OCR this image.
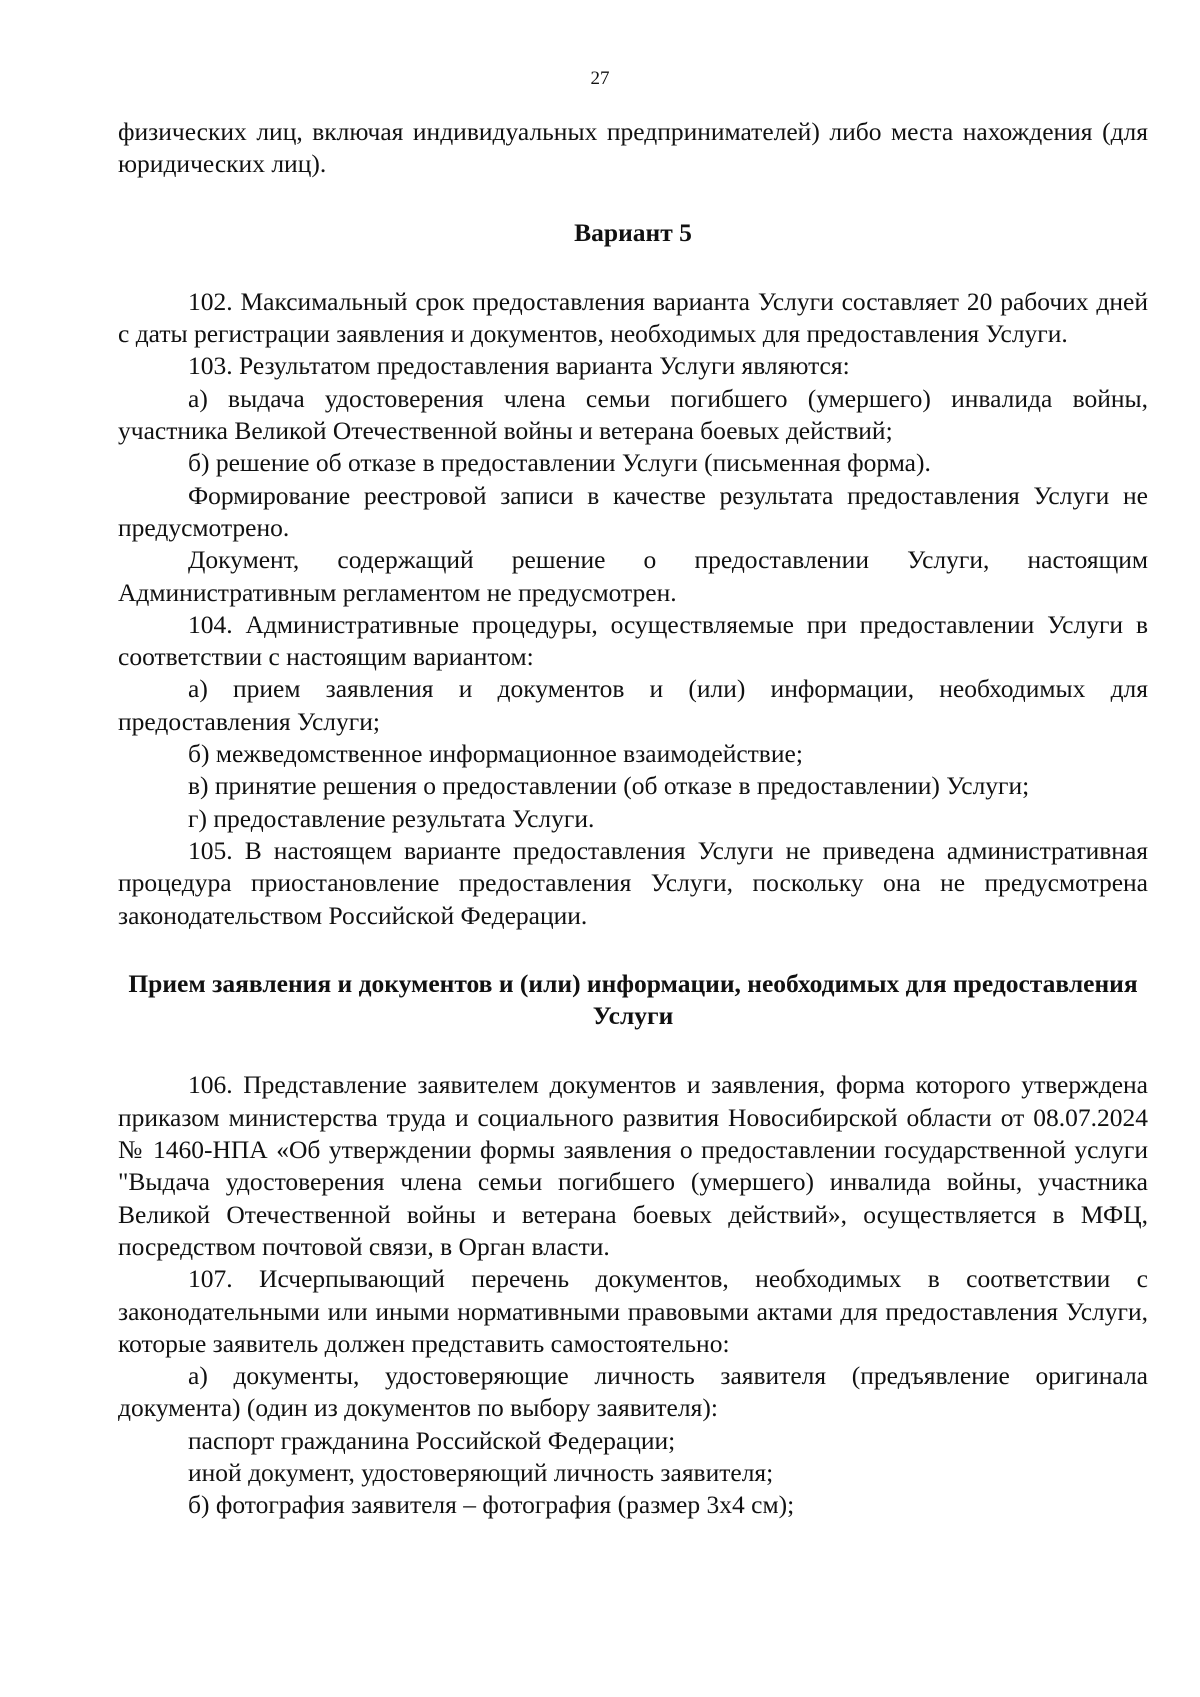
27

физических лиц, включая индивидуальных предпринимателей) либо места нахождения (для юридических лиц).

Вариант 5

102. Максимальный срок предоставления варианта Услуги составляет 20 рабочих дней с даты регистрации заявления и документов, необходимых для предоставления Услуги.

103. Результатом предоставления варианта Услуги являются:

а) выдача удостоверения члена семьи погибшего (умершего) инвалида войны, участника Великой Отечественной войны и ветерана боевых действий;

б) решение об отказе в предоставлении Услуги (письменная форма).

Формирование реестровой записи в качестве результата предоставления Услуги не предусмотрено.

Документ, содержащий решение о предоставлении Услуги, настоящим Административным регламентом не предусмотрен.

104. Административные процедуры, осуществляемые при предоставлении Услуги в соответствии с настоящим вариантом:

а) прием заявления и документов и (или) информации, необходимых для предоставления Услуги;

б) межведомственное информационное взаимодействие;

в) принятие решения о предоставлении (об отказе в предоставлении) Услуги;

г) предоставление результата Услуги.

105. В настоящем варианте предоставления Услуги не приведена административная процедура приостановление предоставления Услуги, поскольку она не предусмотрена законодательством Российской Федерации.

Прием заявления и документов и (или) информации, необходимых для предоставления Услуги

106. Представление заявителем документов и заявления, форма которого утверждена приказом министерства труда и социального развития Новосибирской области от 08.07.2024 № 1460-НПА «Об утверждении формы заявления о предоставлении государственной услуги "Выдача удостоверения члена семьи погибшего (умершего) инвалида войны, участника Великой Отечественной войны и ветерана боевых действий», осуществляется в МФЦ, посредством почтовой связи, в Орган власти.

107. Исчерпывающий перечень документов, необходимых в соответствии с законодательными или иными нормативными правовыми актами для предоставления Услуги, которые заявитель должен представить самостоятельно:

а) документы, удостоверяющие личность заявителя (предъявление оригинала документа) (один из документов по выбору заявителя):

паспорт гражданина Российской Федерации;

иной документ, удостоверяющий личность заявителя;

б) фотография заявителя – фотография (размер 3х4 см);
